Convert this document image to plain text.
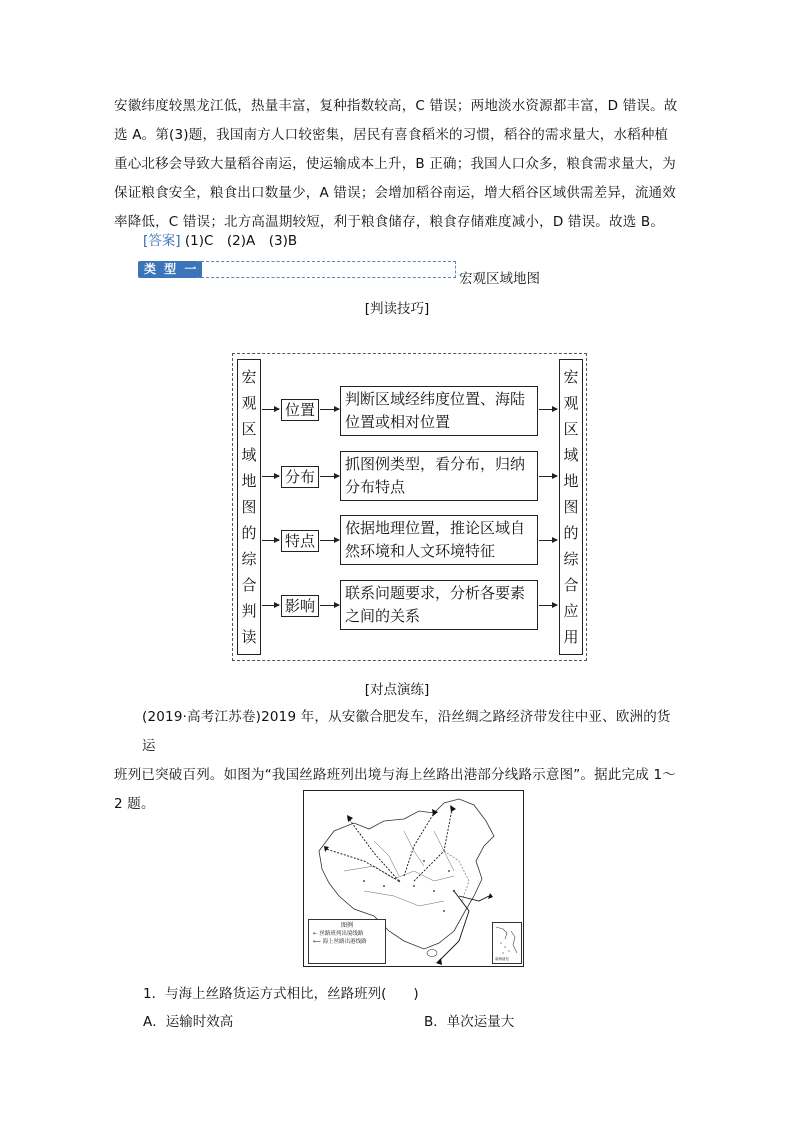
安徽纬度较黑龙江低，热量丰富，复种指数较高，C 错误；两地淡水资源都丰富，D 错误。故
选 A。第(3)题，我国南方人口较密集，居民有喜食稻米的习惯，稻谷的需求量大，水稻种植
重心北移会导致大量稻谷南运，使运输成本上升，B 正确；我国人口众多，粮食需求量大，为
保证粮食安全，粮食出口数量少，A 错误；会增加稻谷南运，增大稻谷区域供需差异，流通效
率降低，C 错误；北方高温期较短，利于粮食储存，粮食存储难度减小，D 错误。故选 B。
[答案] (1)C　(2)A　(3)B
类 型 一
宏观区域地图
[判读技巧]
宏
观
区
域
地
图
的
综
合
判
读
宏
观
区
域
地
图
的
综
合
应
用
位置
判断区域经纬度位置、海陆
位置或相对位置
分布
抓图例类型，看分布，归纳
分布特点
特点
依据地理位置，推论区域自
然环境和人文环境特征
影响
联系问题要求，分析各要素
之间的关系
[对点演练]
(2019·高考江苏卷)2019 年，从安徽合肥发车，沿丝绸之路经济带发往中亚、欧洲的货运
班列已突破百列。如图为“我国丝路班列出境与海上丝路出港部分线路示意图”。据此完成 1～
2 题。
图例
⇠ 丝路班列出境线路
⟵ 海上丝路出港线路
南海诸岛
1．与海上丝路货运方式相比，丝路班列(　　)
A．运输时效高	B．单次运量大
